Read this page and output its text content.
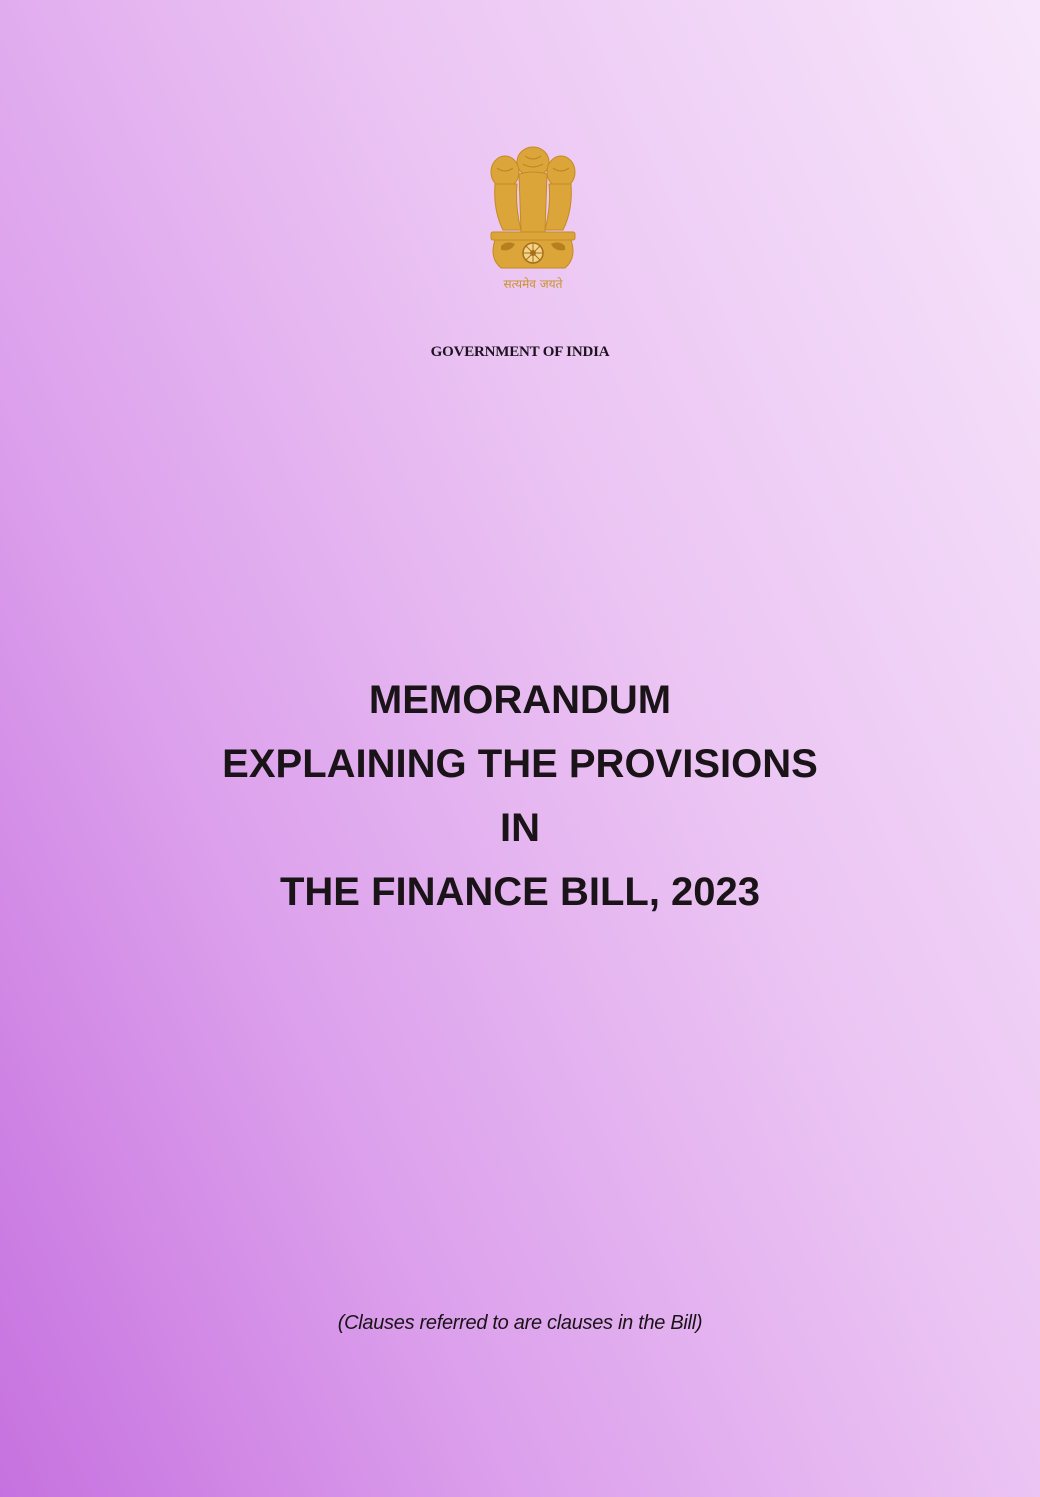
सत्यमेव जयते
GOVERNMENT OF INDIA
MEMORANDUM
EXPLAINING THE PROVISIONS
IN
THE FINANCE BILL, 2023
(Clauses referred to are clauses in the Bill)
